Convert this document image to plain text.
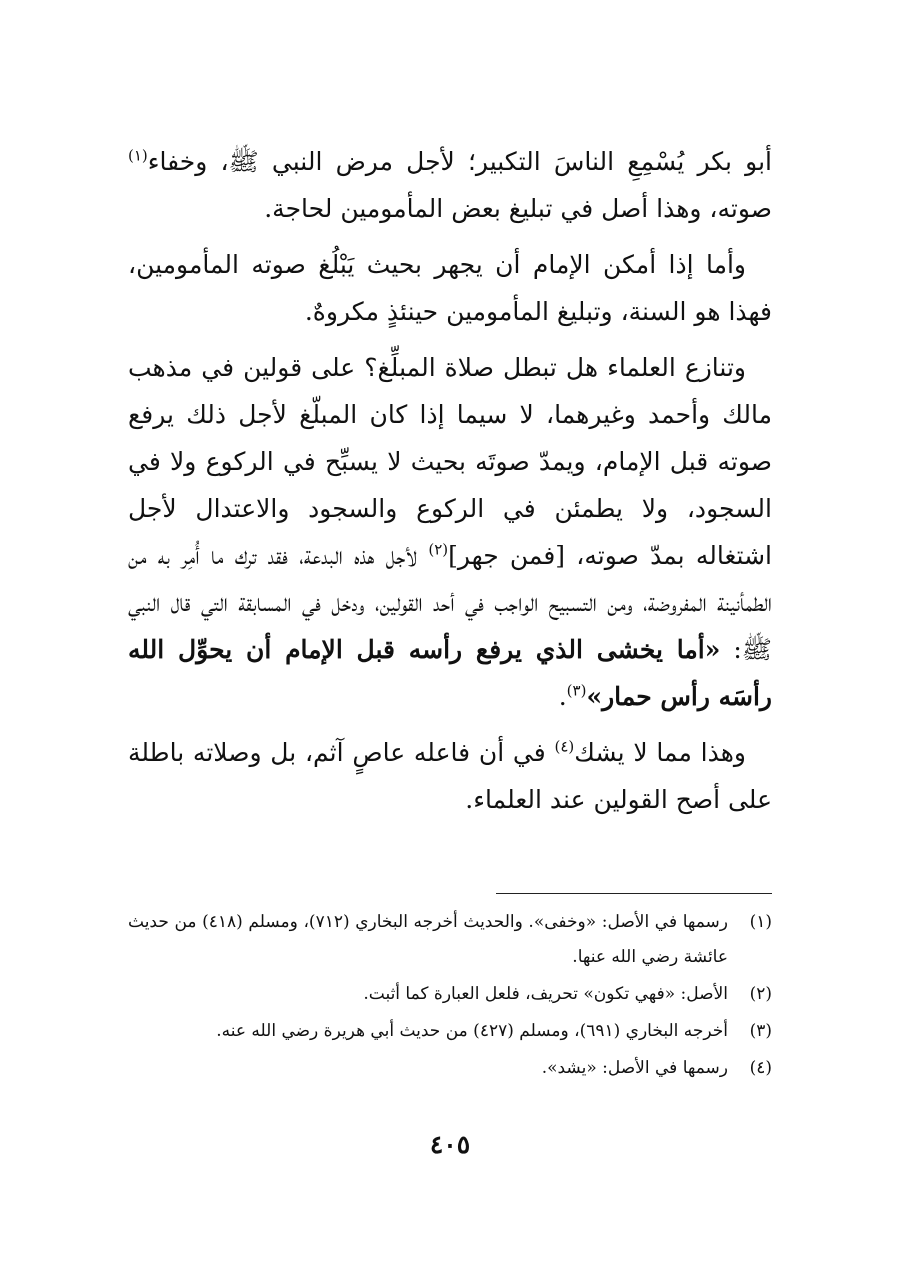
أبو بكر يُسْمِعِ الناسَ التكبير؛ لأجل مرض النبي ﷺ، وخفاء$^{(١)}$ صوته، وهذا أصل في تبليغ بعض المأمومين لحاجة.

وأما إذا أمكن الإمام أن يجهر بحيث يَبْلُغ صوته المأمومين، فهذا هو السنة، وتبليغ المأمومين حينئذٍ مكروهٌ.

وتنازع العلماء هل تبطل صلاة المبلِّغ؟ على قولين في مذهب مالك وأحمد وغيرهما، لا سيما إذا كان المبلّغ لأجل ذلك يرفع صوته قبل الإمام، ويمدّ صوتَه بحيث لا يسبِّح في الركوع ولا في السجود، ولا يطمئن في الركوع والسجود والاعتدال لأجل اشتغاله بمدّ صوته، [فمن جهر]$^{(٢)}$ لأجل هذه البدعة، فقد ترك ما أُمِر به من الطمأنينة المفروضة، ومن التسبيح الواجب في أحد القولين، ودخل في المسابقة التي قال النبي ﷺ: «أما يخشى الذي يرفع رأسه قبل الإمام أن يحوِّل الله رأسَه رأس حمار»$^{(٣)}$.

وهذا مما لا يشك$^{(٤)}$ في أن فاعله عاصٍ آثم، بل وصلاته باطلة على أصح القولين عند العلماء.

(١)
رسمها في الأصل: «وخفى». والحديث أخرجه البخاري (٧١٢)، ومسلم (٤١٨) من حديث عائشة رضي الله عنها.
(٢)
الأصل: «فهي تكون» تحريف، فلعل العبارة كما أثبت.
(٣)
أخرجه البخاري (٦٩١)، ومسلم (٤٢٧) من حديث أبي هريرة رضي الله عنه.
(٤)
رسمها في الأصل: «يشد».
٤٠٥
